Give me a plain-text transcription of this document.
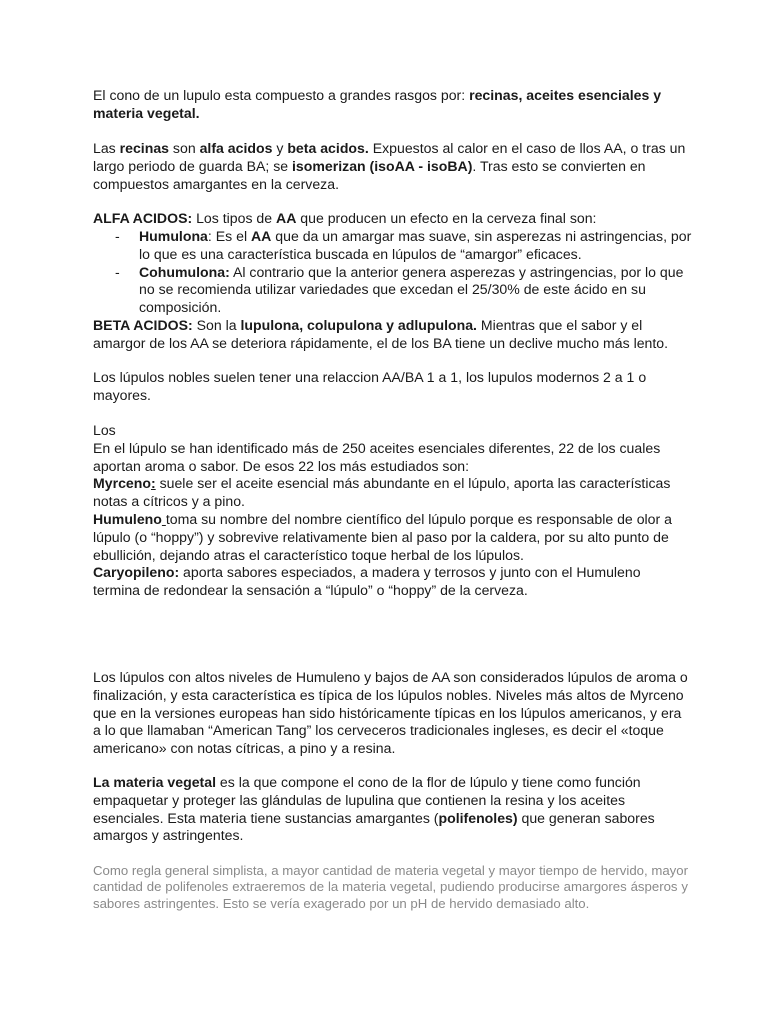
El cono de un lupulo esta compuesto a grandes rasgos por: recinas, aceites esenciales y materia vegetal.

Las recinas son alfa acidos y beta acidos. Expuestos al calor en el caso de llos AA, o tras un largo periodo de guarda BA; se isomerizan (isoAA - isoBA). Tras esto se convierten en compuestos amargantes en la cerveza.

ALFA ACIDOS: Los tipos de AA que producen un efecto en la cerveza final son:

- Humulona: Es el AA que da un amargar mas suave, sin asperezas ni astringencias, por lo que es una característica buscada en lúpulos de “amargor” eficaces.
- Cohumulona: Al contrario que la anterior genera asperezas y astringencias, por lo que no se recomienda utilizar variedades que excedan el 25/30% de este ácido en su composición.

BETA ACIDOS: Son la lupulona, colupulona y adlupulona. Mientras que el sabor y el amargor de los AA se deteriora rápidamente, el de los BA tiene un declive mucho más lento.

Los lúpulos nobles suelen tener una relaccion AA/BA 1 a 1, los lupulos modernos 2 a 1 o mayores.

Los
En el lúpulo se han identificado más de 250 aceites esenciales diferentes, 22 de los cuales aportan aroma o sabor. De esos 22 los más estudiados son:
Myrceno: suele ser el aceite esencial más abundante en el lúpulo, aporta las características notas a cítricos y a pino.
Humuleno toma su nombre del nombre científico del lúpulo porque es responsable de olor a lúpulo (o “hoppy”) y sobrevive relativamente bien al paso por la caldera, por su alto punto de ebullición, dejando atras el característico toque herbal de los lúpulos.
Caryopileno: aporta sabores especiados, a madera y terrosos y junto con el Humuleno termina de redondear la sensación a “lúpulo” o “hoppy” de la cerveza.

Los lúpulos con altos niveles de Humuleno y bajos de AA son considerados lúpulos de aroma o finalización, y esta característica es típica de los lúpulos nobles. Niveles más altos de Myrceno que en la versiones europeas han sido históricamente típicas en los lúpulos americanos, y era a lo que llamaban “American Tang” los cerveceros tradicionales ingleses, es decir el «toque americano» con notas cítricas, a pino y a resina.

La materia vegetal es la que compone el cono de la flor de lúpulo y tiene como función empaquetar y proteger las glándulas de lupulina que contienen la resina y los aceites esenciales. Esta materia tiene sustancias amargantes (polifenoles) que generan sabores amargos y astringentes.

Como regla general simplista, a mayor cantidad de materia vegetal y mayor tiempo de hervido, mayor cantidad de polifenoles extraeremos de la materia vegetal, pudiendo producirse amargores ásperos y sabores astringentes. Esto se vería exagerado por un pH de hervido demasiado alto.
